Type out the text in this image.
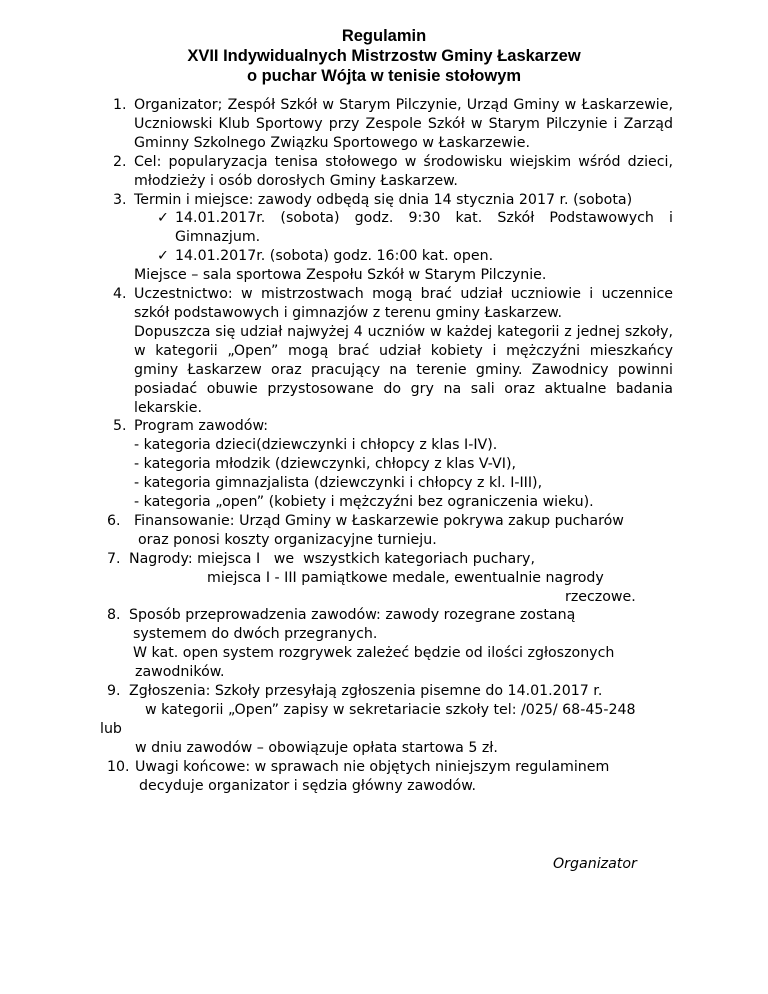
Regulamin
XVII Indywidualnych Mistrzostw Gminy Łaskarzew
o puchar Wójta w tenisie stołowym
1. Organizator; Zespół Szkół w Starym Pilczynie, Urząd Gminy w Łaskarzewie, Uczniowski Klub Sportowy przy Zespole Szkół w Starym Pilczynie i Zarząd Gminny Szkolnego Związku Sportowego w Łaskarzewie.
2. Cel: popularyzacja tenisa stołowego w środowisku wiejskim wśród dzieci, młodzieży i osób dorosłych Gminy Łaskarzew.
3. Termin i miejsce: zawody odbędą się dnia 14 stycznia 2017 r. (sobota)
✓ 14.01.2017r. (sobota) godz. 9:30 kat. Szkół Podstawowych i Gimnazjum.
✓ 14.01.2017r. (sobota) godz. 16:00 kat. open.
Miejsce – sala sportowa Zespołu Szkół w Starym Pilczynie.
4. Uczestnictwo: w mistrzostwach mogą brać udział uczniowie i uczennice szkół podstawowych i gimnazjów z terenu gminy Łaskarzew.
Dopuszcza się udział najwyżej 4 uczniów w każdej kategorii z jednej szkoły, w kategorii „Open” mogą brać udział kobiety i mężczyźni mieszkańcy gminy Łaskarzew oraz pracujący na terenie gminy. Zawodnicy powinni posiadać obuwie przystosowane do gry na sali oraz aktualne badania lekarskie.
5. Program zawodów:
- kategoria dzieci(dziewczynki i chłopcy z klas I-IV).
- kategoria młodzik (dziewczynki, chłopcy z klas V-VI),
- kategoria gimnazjalista (dziewczynki i chłopcy z kl. I-III),
- kategoria „open” (kobiety i mężczyźni bez ograniczenia wieku).
6. Finansowanie: Urząd Gminy w Łaskarzewie pokrywa zakup pucharów
oraz ponosi koszty organizacyjne turnieju.
7. Nagrody: miejsca I   we  wszystkich kategoriach puchary,
miejsca I - III pamiątkowe medale, ewentualnie nagrody
rzeczowe.
8. Sposób przeprowadzenia zawodów: zawody rozegrane zostaną
systemem do dwóch przegranych.
W kat. open system rozgrywek zależeć będzie od ilości zgłoszonych
zawodników.
9. Zgłoszenia: Szkoły przesyłają zgłoszenia pisemne do 14.01.2017 r.
w kategorii „Open” zapisy w sekretariacie szkoły tel: /025/ 68-45-248
lub
w dniu zawodów – obowiązuje opłata startowa 5 zł.
10. Uwagi końcowe: w sprawach nie objętych niniejszym regulaminem
decyduje organizator i sędzia główny zawodów.
Organizator
